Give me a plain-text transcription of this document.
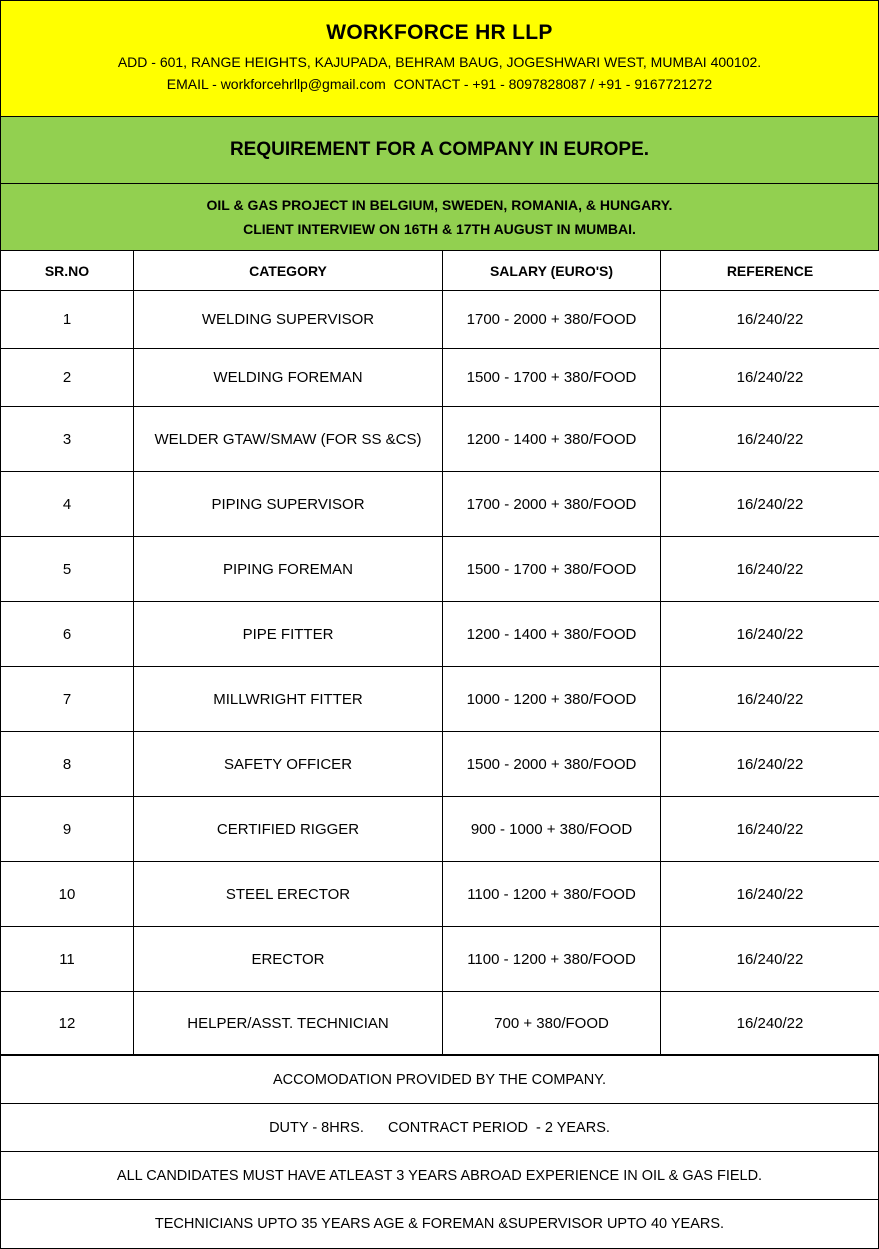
WORKFORCE HR LLP
ADD - 601, RANGE HEIGHTS, KAJUPADA, BEHRAM BAUG, JOGESHWARI WEST, MUMBAI 400102.
EMAIL - workforcehrllp@gmail.com  CONTACT - +91 - 8097828087 / +91 - 9167721272
REQUIREMENT FOR A COMPANY IN EUROPE.
OIL & GAS PROJECT IN BELGIUM, SWEDEN, ROMANIA, & HUNGARY.
CLIENT INTERVIEW ON 16TH & 17TH AUGUST IN MUMBAI.
SR.NO	CATEGORY	SALARY (EURO'S)	REFERENCE
1	WELDING SUPERVISOR	1700 - 2000 + 380/FOOD	16/240/22
2	WELDING FOREMAN	1500 - 1700 + 380/FOOD	16/240/22
3	WELDER GTAW/SMAW (FOR SS &CS)	1200 - 1400 + 380/FOOD	16/240/22
4	PIPING SUPERVISOR	1700 - 2000 + 380/FOOD	16/240/22
5	PIPING FOREMAN	1500 - 1700 + 380/FOOD	16/240/22
6	PIPE FITTER	1200 - 1400 + 380/FOOD	16/240/22
7	MILLWRIGHT FITTER	1000 - 1200 + 380/FOOD	16/240/22
8	SAFETY OFFICER	1500 - 2000 + 380/FOOD	16/240/22
9	CERTIFIED RIGGER	900 - 1000 + 380/FOOD	16/240/22
10	STEEL ERECTOR	1100 - 1200 + 380/FOOD	16/240/22
11	ERECTOR	1100 - 1200 + 380/FOOD	16/240/22
12	HELPER/ASST. TECHNICIAN	700 + 380/FOOD	16/240/22
ACCOMODATION PROVIDED BY THE COMPANY.
DUTY - 8HRS.      CONTRACT PERIOD  - 2 YEARS.
ALL CANDIDATES MUST HAVE ATLEAST 3 YEARS ABROAD EXPERIENCE IN OIL & GAS FIELD.
TECHNICIANS UPTO 35 YEARS AGE & FOREMAN &SUPERVISOR UPTO 40 YEARS.
